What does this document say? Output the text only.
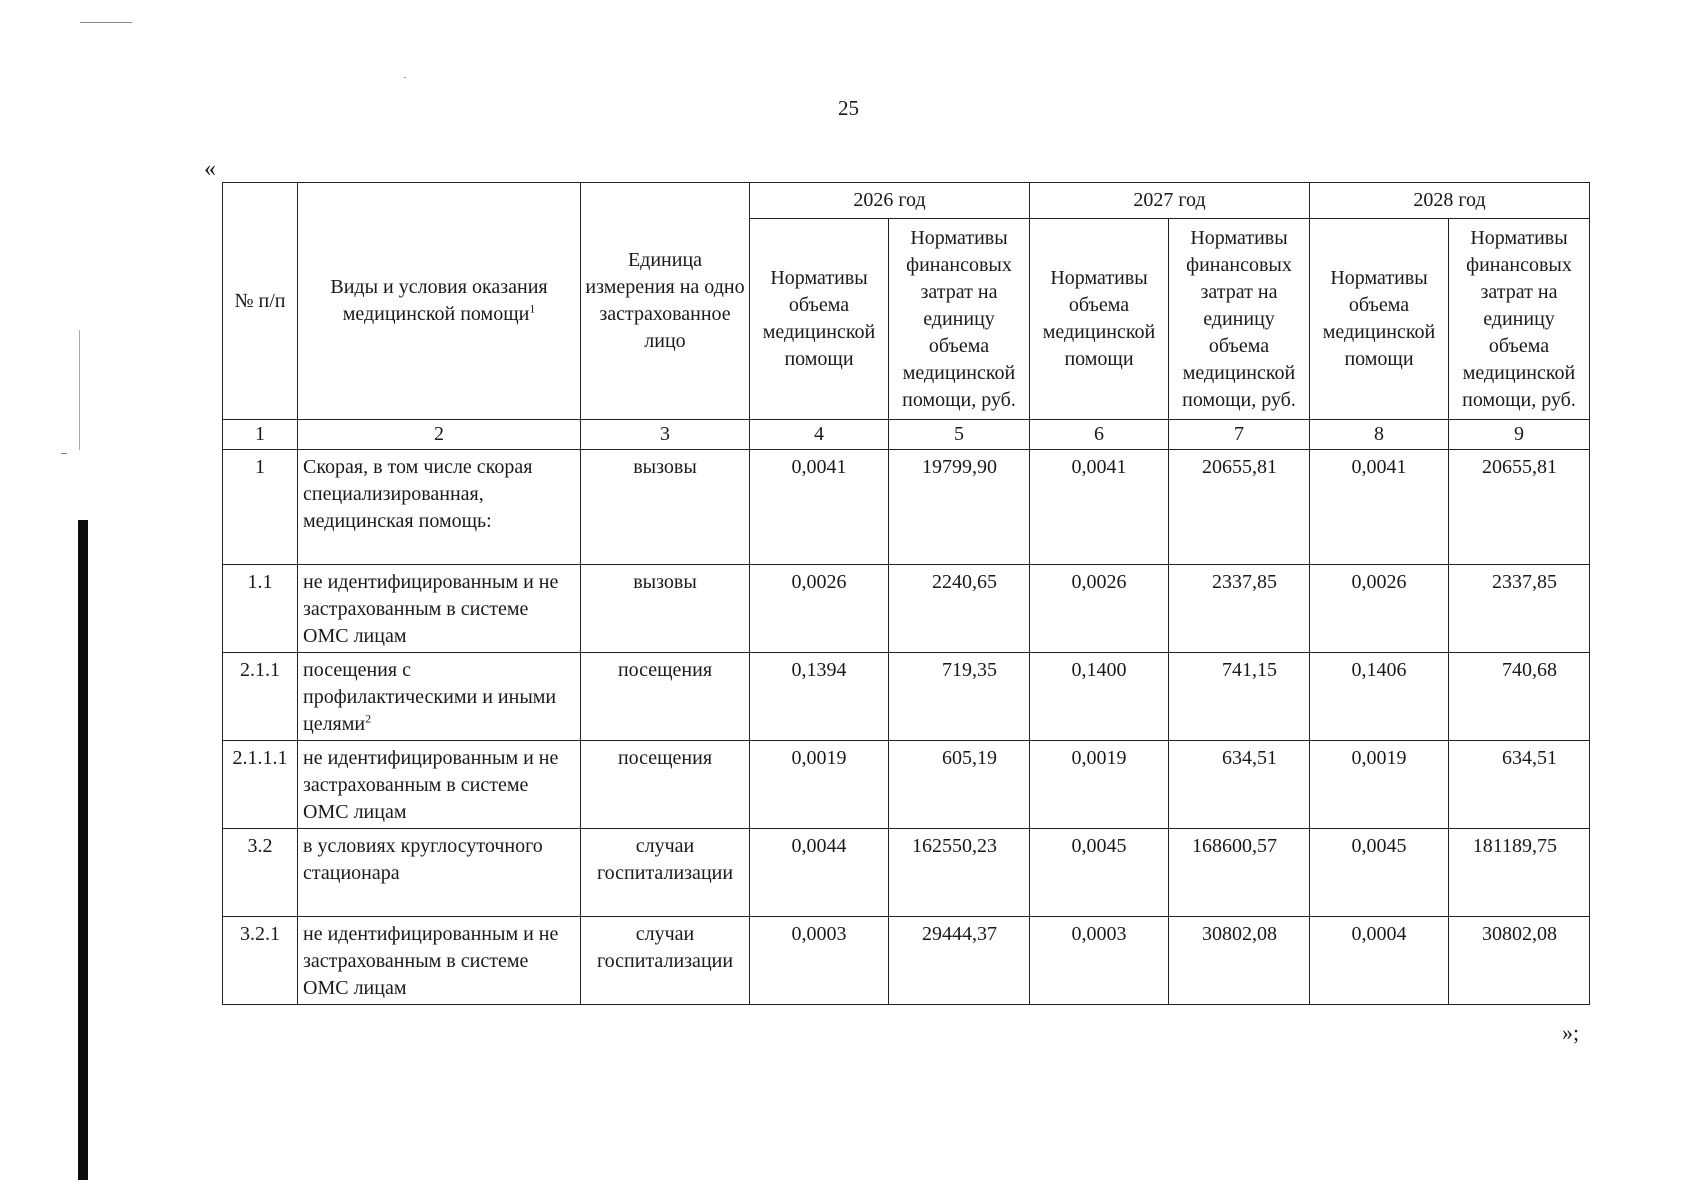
25
«
№ п/п	Виды и условия оказания медицинской помощи$^1$	Единица измерения на одно застрахованное лицо	2026 год		2027 год		2028 год	
			Нормативы объема медицинской помощи	Нормативы финансовых затрат на единицу объема медицинской помощи, руб.	Нормативы объема медицинской помощи	Нормативы финансовых затрат на единицу объема медицинской помощи, руб.	Нормативы объема медицинской помощи	Нормативы финансовых затрат на единицу объема медицинской помощи, руб.
1	2	3	4	5	6	7	8	9
1	Скорая, в том числе скорая специализированная, медицинская помощь:	вызовы	0,0041	19799,90	0,0041	20655,81	0,0041	20655,81
1.1	не идентифицированным и не застрахованным в системе ОМС лицам	вызовы	0,0026	2240,65	0,0026	2337,85	0,0026	2337,85
2.1.1	посещения с профилактическими и иными целями$^2$	посещения	0,1394	719,35	0,1400	741,15	0,1406	740,68
2.1.1.1	не идентифицированным и не застрахованным в системе ОМС лицам	посещения	0,0019	605,19	0,0019	634,51	0,0019	634,51
3.2	в условиях круглосуточного стационара	случаи госпитализации	0,0044	162550,23	0,0045	168600,57	0,0045	181189,75
3.2.1	не идентифицированным и не застрахованным в системе ОМС лицам	случаи госпитализации	0,0003	29444,37	0,0003	30802,08	0,0004	30802,08
»;
